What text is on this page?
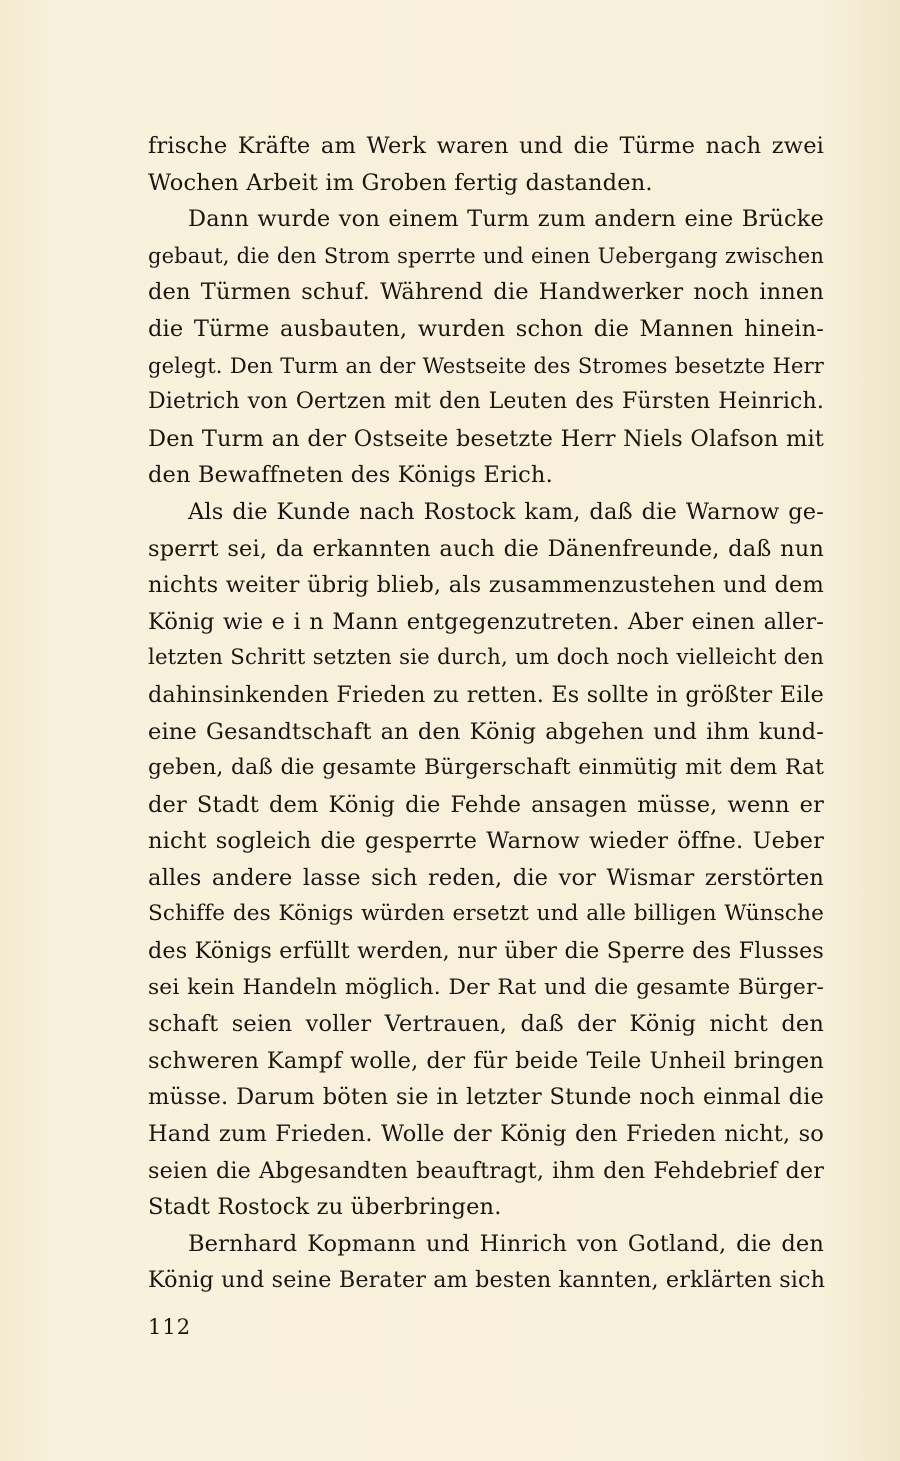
frische Kräfte am Werk waren und die Türme nach zwei
Wochen Arbeit im Groben fertig dastanden.
Dann wurde von einem Turm zum andern eine Brücke
gebaut, die den Strom sperrte und einen Uebergang zwischen
den Türmen schuf. Während die Handwerker noch innen
die Türme ausbauten, wurden schon die Mannen hinein-
gelegt. Den Turm an der Westseite des Stromes besetzte Herr
Dietrich von Oertzen mit den Leuten des Fürsten Heinrich.
Den Turm an der Ostseite besetzte Herr Niels Olafson mit
den Bewaffneten des Königs Erich.
Als die Kunde nach Rostock kam, daß die Warnow ge-
sperrt sei, da erkannten auch die Dänenfreunde, daß nun
nichts weiter übrig blieb, als zusammenzustehen und dem
König wie e i n Mann entgegenzutreten. Aber einen aller-
letzten Schritt setzten sie durch, um doch noch vielleicht den
dahinsinkenden Frieden zu retten. Es sollte in größter Eile
eine Gesandtschaft an den König abgehen und ihm kund-
geben, daß die gesamte Bürgerschaft einmütig mit dem Rat
der Stadt dem König die Fehde ansagen müsse, wenn er
nicht sogleich die gesperrte Warnow wieder öffne. Ueber
alles andere lasse sich reden, die vor Wismar zerstörten
Schiffe des Königs würden ersetzt und alle billigen Wünsche
des Königs erfüllt werden, nur über die Sperre des Flusses
sei kein Handeln möglich. Der Rat und die gesamte Bürger-
schaft seien voller Vertrauen, daß der König nicht den
schweren Kampf wolle, der für beide Teile Unheil bringen
müsse. Darum böten sie in letzter Stunde noch einmal die
Hand zum Frieden. Wolle der König den Frieden nicht, so
seien die Abgesandten beauftragt, ihm den Fehdebrief der
Stadt Rostock zu überbringen.
Bernhard Kopmann und Hinrich von Gotland, die den
König und seine Berater am besten kannten, erklärten sich
112
